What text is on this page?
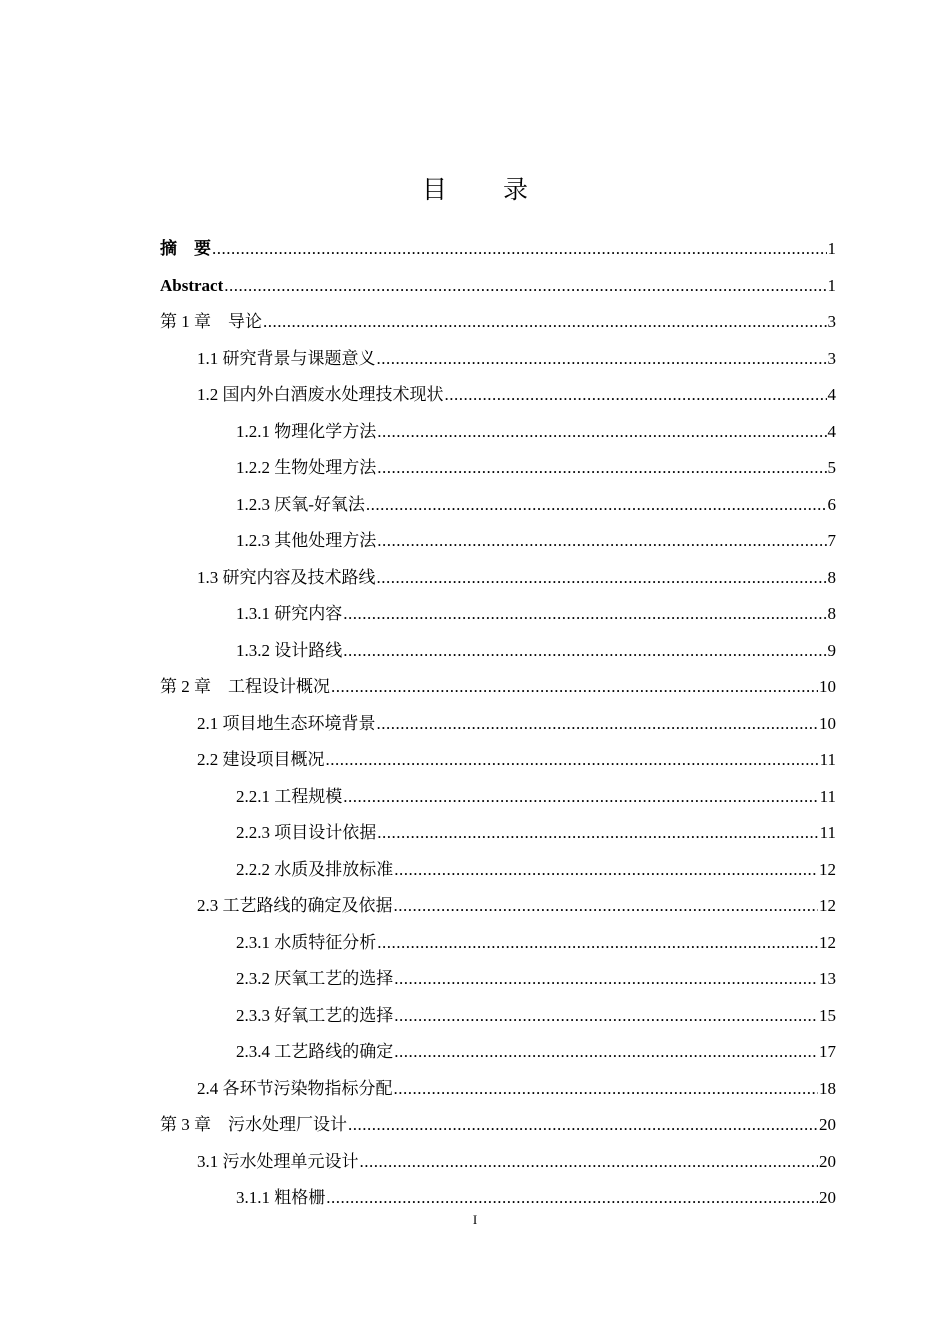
目 录
摘　要 .....	1
Abstract .....	1
第 1 章　导论 .....	3
1.1 研究背景与课题意义 .....	3
1.2 国内外白酒废水处理技术现状 .....	4
1.2.1 物理化学方法 .....	4
1.2.2 生物处理方法 .....	5
1.2.3 厌氧-好氧法 .....	6
1.2.3 其他处理方法 .....	7
1.3 研究内容及技术路线 .....	8
1.3.1 研究内容 .....	8
1.3.2 设计路线 .....	9
第 2 章　工程设计概况 .....	10
2.1 项目地生态环境背景 .....	10
2.2 建设项目概况 .....	11
2.2.1 工程规模 .....	11
2.2.3 项目设计依据 .....	11
2.2.2 水质及排放标准 .....	12
2.3 工艺路线的确定及依据 .....	12
2.3.1 水质特征分析 .....	12
2.3.2 厌氧工艺的选择 .....	13
2.3.3 好氧工艺的选择 .....	15
2.3.4 工艺路线的确定 .....	17
2.4 各环节污染物指标分配 .....	18
第 3 章　污水处理厂设计 .....	20
3.1 污水处理单元设计 .....	20
3.1.1 粗格栅 .....	20
I
